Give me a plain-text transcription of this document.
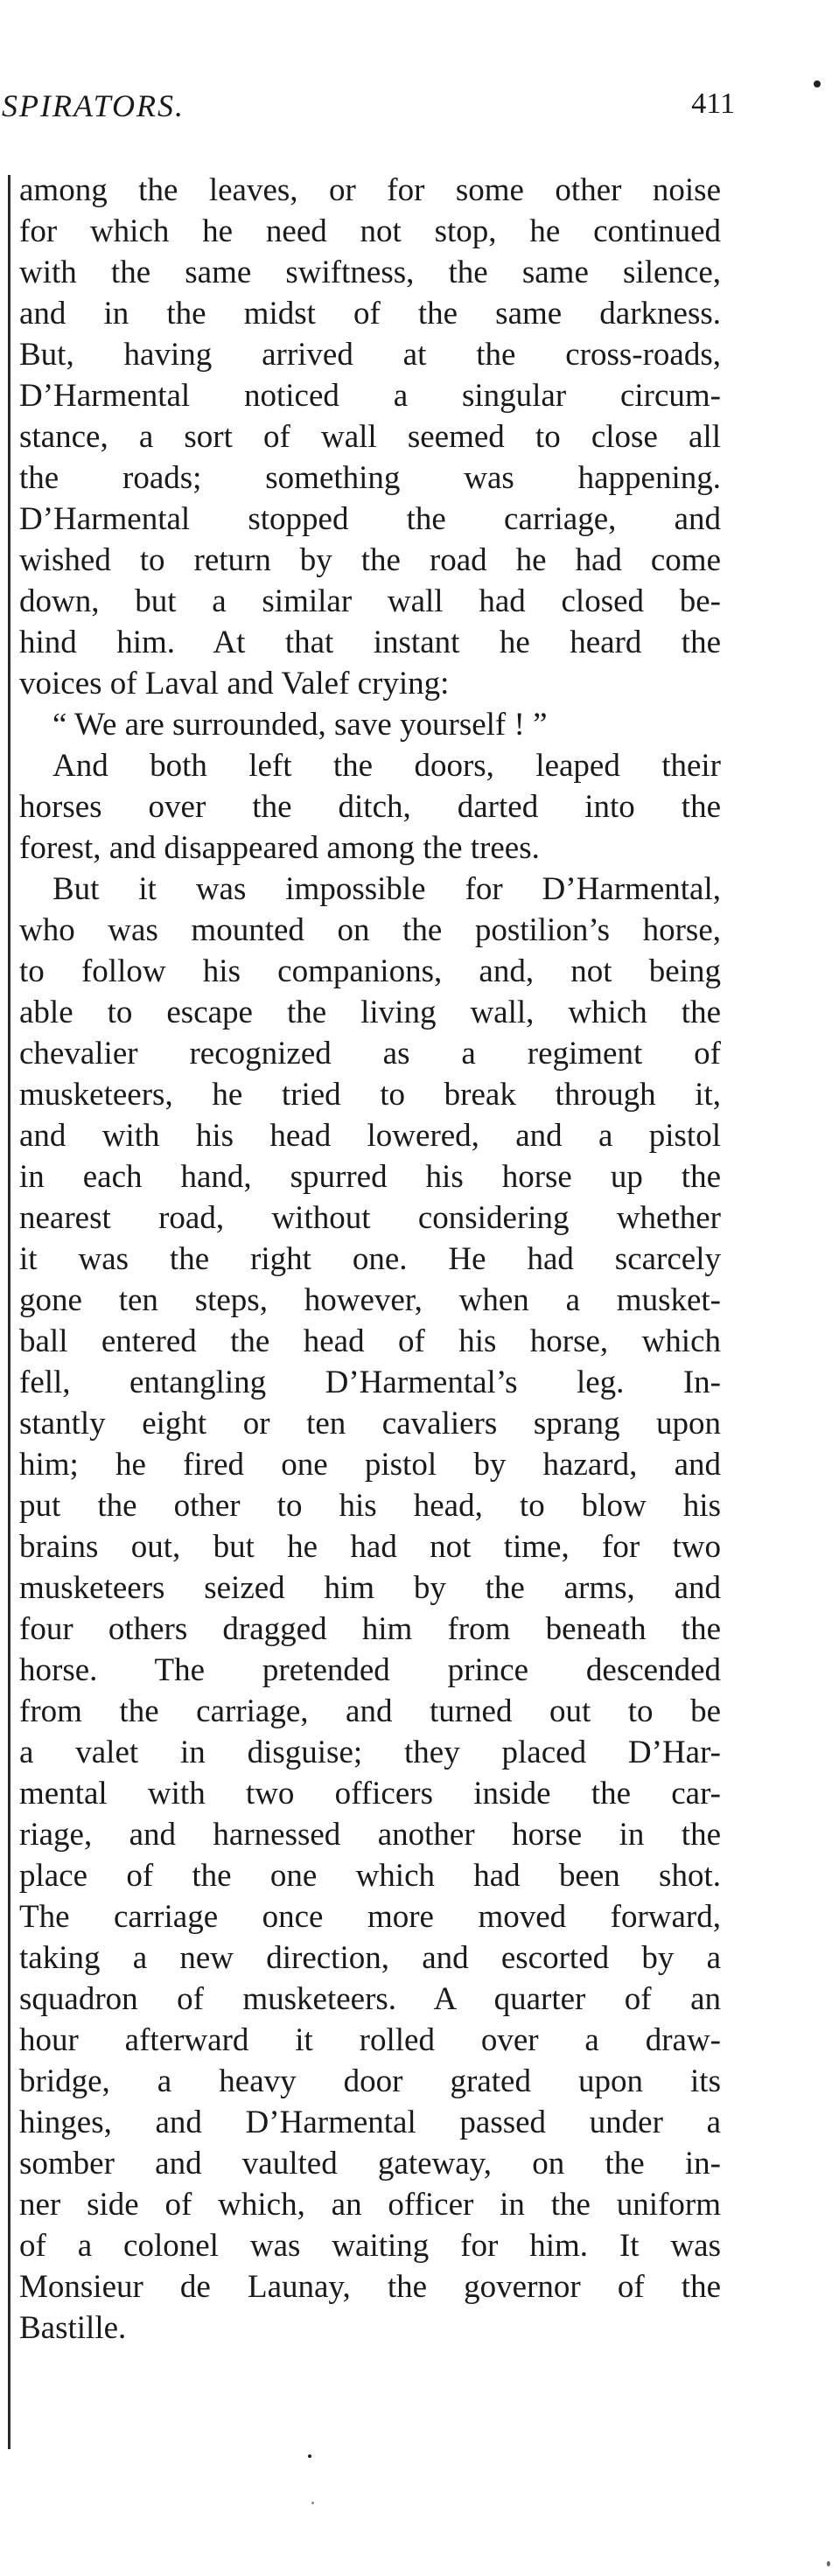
SPIRATORS.	411
among the leaves, or for some other noise
for which he need not stop, he continued
with the same swiftness, the same silence,
and in the midst of the same darkness.
But, having arrived at the cross-roads,
D’Harmental noticed a singular circum-
stance, a sort of wall seemed to close all
the roads; something was happening.
D’Harmental stopped the carriage, and
wished to return by the road he had come
down, but a similar wall had closed be-
hind him. At that instant he heard the
voices of Laval and Valef crying:
“ We are surrounded, save yourself ! ”
And both left the doors, leaped their
horses over the ditch, darted into the
forest, and disappeared among the trees.
But it was impossible for D’Harmental,
who was mounted on the postilion’s horse,
to follow his companions, and, not being
able to escape the living wall, which the
chevalier recognized as a regiment of
musketeers, he tried to break through it,
and with his head lowered, and a pistol
in each hand, spurred his horse up the
nearest road, without considering whether
it was the right one. He had scarcely
gone ten steps, however, when a musket-
ball entered the head of his horse, which
fell, entangling D’Harmental’s leg. In-
stantly eight or ten cavaliers sprang upon
him; he fired one pistol by hazard, and
put the other to his head, to blow his
brains out, but he had not time, for two
musketeers seized him by the arms, and
four others dragged him from beneath the
horse. The pretended prince descended
from the carriage, and turned out to be
a valet in disguise; they placed D’Har-
mental with two officers inside the car-
riage, and harnessed another horse in the
place of the one which had been shot.
The carriage once more moved forward,
taking a new direction, and escorted by a
squadron of musketeers. A quarter of an
hour afterward it rolled over a draw-
bridge, a heavy door grated upon its
hinges, and D’Harmental passed under a
somber and vaulted gateway, on the in-
ner side of which, an officer in the uniform
of a colonel was waiting for him. It was
Monsieur de Launay, the governor of the
Bastille.
